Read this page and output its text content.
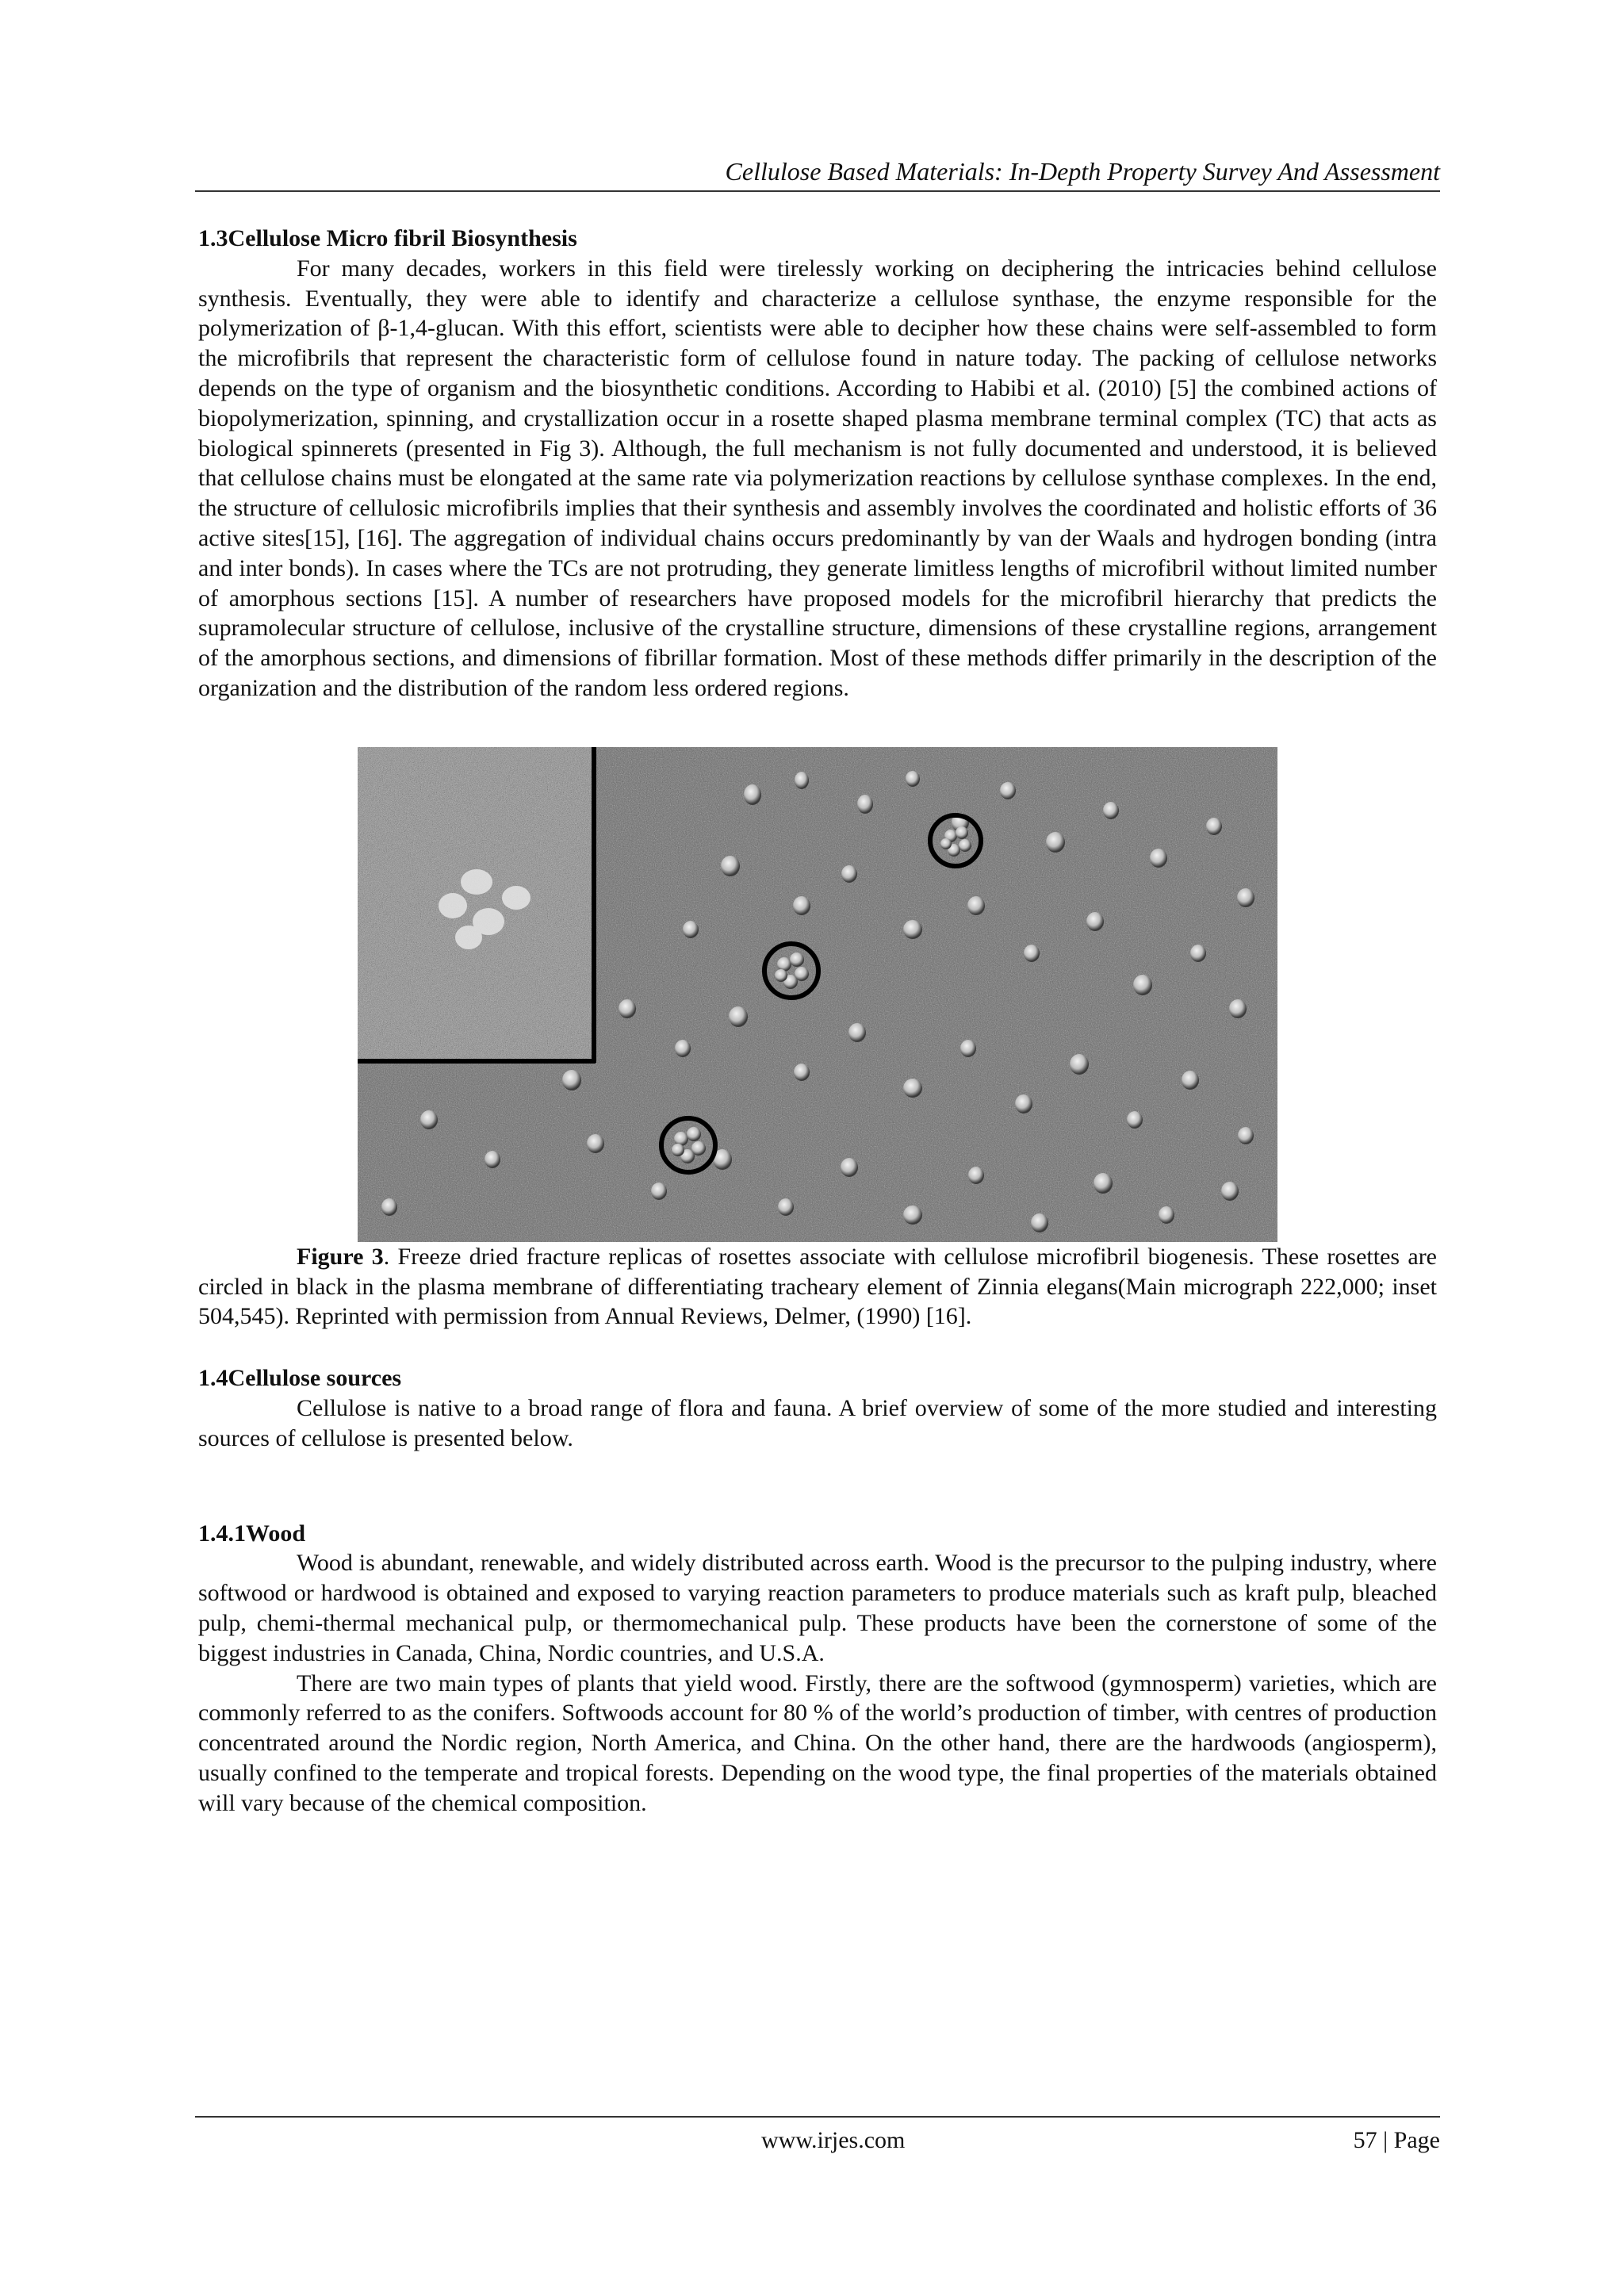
Cellulose Based Materials: In-Depth Property Survey And Assessment
1.3Cellulose Micro fibril Biosynthesis

For many decades, workers in this field were tirelessly working on deciphering the intricacies behind cellulose synthesis. Eventually, they were able to identify and characterize a cellulose synthase, the enzyme responsible for the polymerization of β-1,4-glucan. With this effort, scientists were able to decipher how these chains were self-assembled to form the microfibrils that represent the characteristic form of cellulose found in nature today. The packing of cellulose networks depends on the type of organism and the biosynthetic conditions. According to Habibi et al. (2010) [5] the combined actions of biopolymerization, spinning, and crystallization occur in a rosette shaped plasma membrane terminal complex (TC) that acts as biological spinnerets (presented in Fig 3). Although, the full mechanism is not fully documented and understood, it is believed that cellulose chains must be elongated at the same rate via polymerization reactions by cellulose synthase complexes. In the end, the structure of cellulosic microfibrils implies that their synthesis and assembly involves the coordinated and holistic efforts of 36 active sites[15], [16]. The aggregation of individual chains occurs predominantly by van der Waals and hydrogen bonding (intra and inter bonds). In cases where the TCs are not protruding, they generate limitless lengths of microfibril without limited number of amorphous sections [15]. A number of researchers have proposed models for the microfibril hierarchy that predicts the supramolecular structure of cellulose, inclusive of the crystalline structure, dimensions of these crystalline regions, arrangement of the amorphous sections, and dimensions of fibrillar formation. Most of these methods differ primarily in the description of the organization and the distribution of the random less ordered regions.

Figure 3. Freeze dried fracture replicas of rosettes associate with cellulose microfibril biogenesis. These rosettes are circled in black in the plasma membrane of differentiating tracheary element of Zinnia elegans(Main micrograph 222,000; inset 504,545). Reprinted with permission from Annual Reviews, Delmer, (1990) [16].

1.4Cellulose sources

Cellulose is native to a broad range of flora and fauna. A brief overview of some of the more studied and interesting sources of cellulose is presented below.

1.4.1Wood

Wood is abundant, renewable, and widely distributed across earth. Wood is the precursor to the pulping industry, where softwood or hardwood is obtained and exposed to varying reaction parameters to produce materials such as kraft pulp, bleached pulp, chemi-thermal mechanical pulp, or thermomechanical pulp. These products have been the cornerstone of some of the biggest industries in Canada, China, Nordic countries, and U.S.A.

There are two main types of plants that yield wood. Firstly, there are the softwood (gymnosperm) varieties, which are commonly referred to as the conifers. Softwoods account for 80 % of the world’s production of timber, with centres of production concentrated around the Nordic region, North America, and China. On the other hand, there are the hardwoods (angiosperm), usually confined to the temperate and tropical forests. Depending on the wood type, the final properties of the materials obtained will vary because of the chemical composition.

www.irjes.com	57 | Page
